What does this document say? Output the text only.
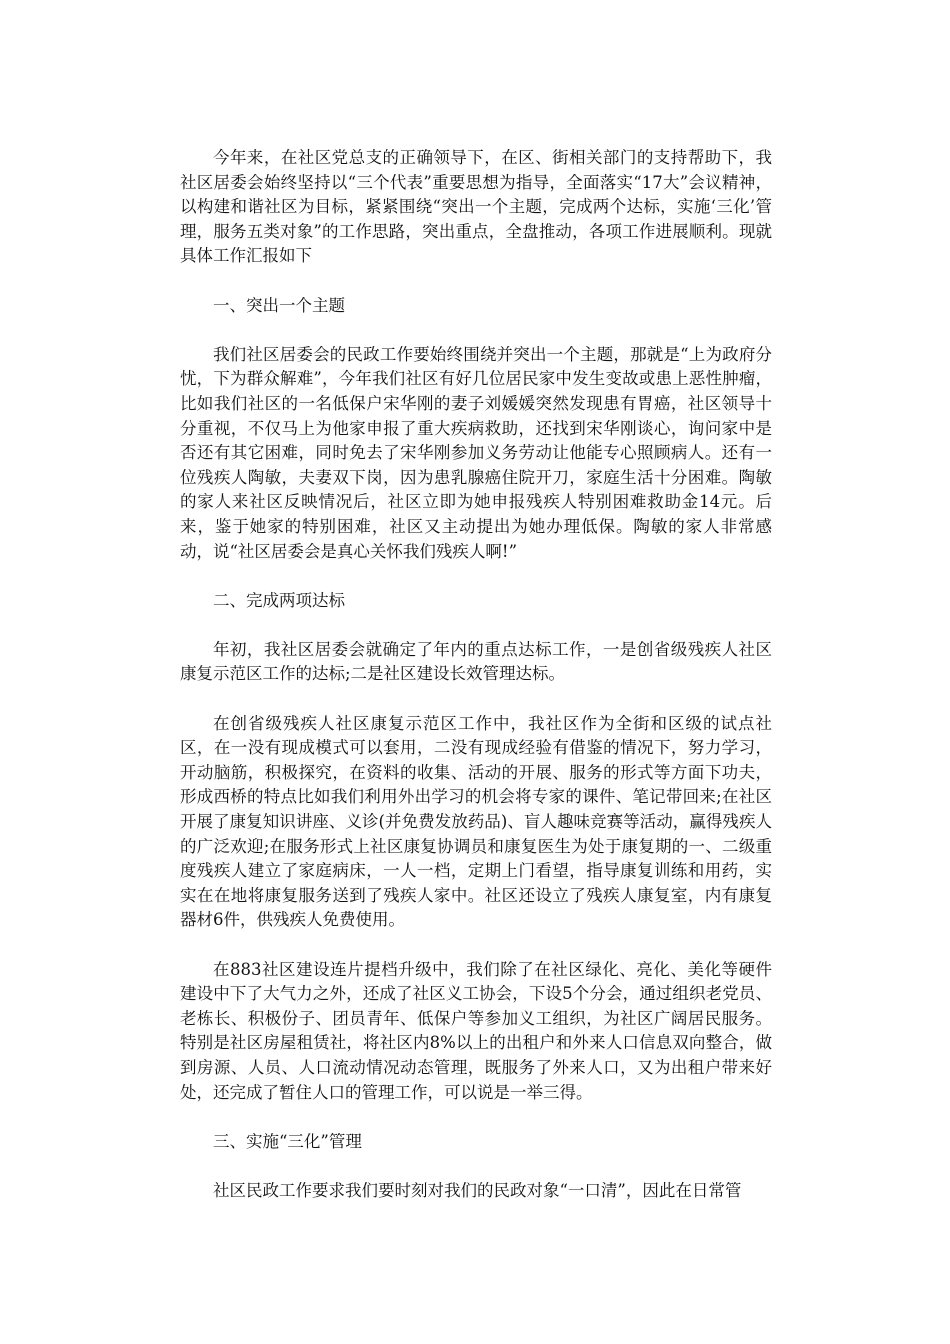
今年来，在社区党总支的正确领导下，在区、街相关部门的支持帮助下，我社区居委会始终坚持以“三个代表”重要思想为指导，全面落实“17大”会议精神，以构建和谐社区为目标，紧紧围绕“突出一个主题，完成两个达标，实施‘三化’管理，服务五类对象”的工作思路，突出重点，全盘推动，各项工作进展顺利。现就具体工作汇报如下

一、突出一个主题

我们社区居委会的民政工作要始终围绕并突出一个主题，那就是“上为政府分忧，下为群众解难”，今年我们社区有好几位居民家中发生变故或患上恶性肿瘤，比如我们社区的一名低保户宋华刚的妻子刘媛媛突然发现患有胃癌，社区领导十分重视，不仅马上为他家申报了重大疾病救助，还找到宋华刚谈心，询问家中是否还有其它困难，同时免去了宋华刚参加义务劳动让他能专心照顾病人。还有一位残疾人陶敏，夫妻双下岗，因为患乳腺癌住院开刀，家庭生活十分困难。陶敏的家人来社区反映情况后，社区立即为她申报残疾人特别困难救助金14元。后来，鉴于她家的特别困难，社区又主动提出为她办理低保。陶敏的家人非常感动，说“社区居委会是真心关怀我们残疾人啊!”

二、完成两项达标

年初，我社区居委会就确定了年内的重点达标工作，一是创省级残疾人社区康复示范区工作的达标;二是社区建设长效管理达标。

在创省级残疾人社区康复示范区工作中，我社区作为全街和区级的试点社区，在一没有现成模式可以套用，二没有现成经验有借鉴的情况下，努力学习，开动脑筋，积极探究，在资料的收集、活动的开展、服务的形式等方面下功夫，形成西桥的特点比如我们利用外出学习的机会将专家的课件、笔记带回来;在社区开展了康复知识讲座、义诊(并免费发放药品)、盲人趣味竞赛等活动，赢得残疾人的广泛欢迎;在服务形式上社区康复协调员和康复医生为处于康复期的一、二级重度残疾人建立了家庭病床，一人一档，定期上门看望，指导康复训练和用药，实实在在地将康复服务送到了残疾人家中。社区还设立了残疾人康复室，内有康复器材6件，供残疾人免费使用。

在883社区建设连片提档升级中，我们除了在社区绿化、亮化、美化等硬件建设中下了大气力之外，还成了社区义工协会，下设5个分会，通过组织老党员、老栋长、积极份子、团员青年、低保户等参加义工组织，为社区广阔居民服务。特别是社区房屋租赁社，将社区内8%以上的出租户和外来人口信息双向整合，做到房源、人员、人口流动情况动态管理，既服务了外来人口，又为出租户带来好处，还完成了暂住人口的管理工作，可以说是一举三得。

三、实施“三化”管理

社区民政工作要求我们要时刻对我们的民政对象“一口清”，因此在日常管
